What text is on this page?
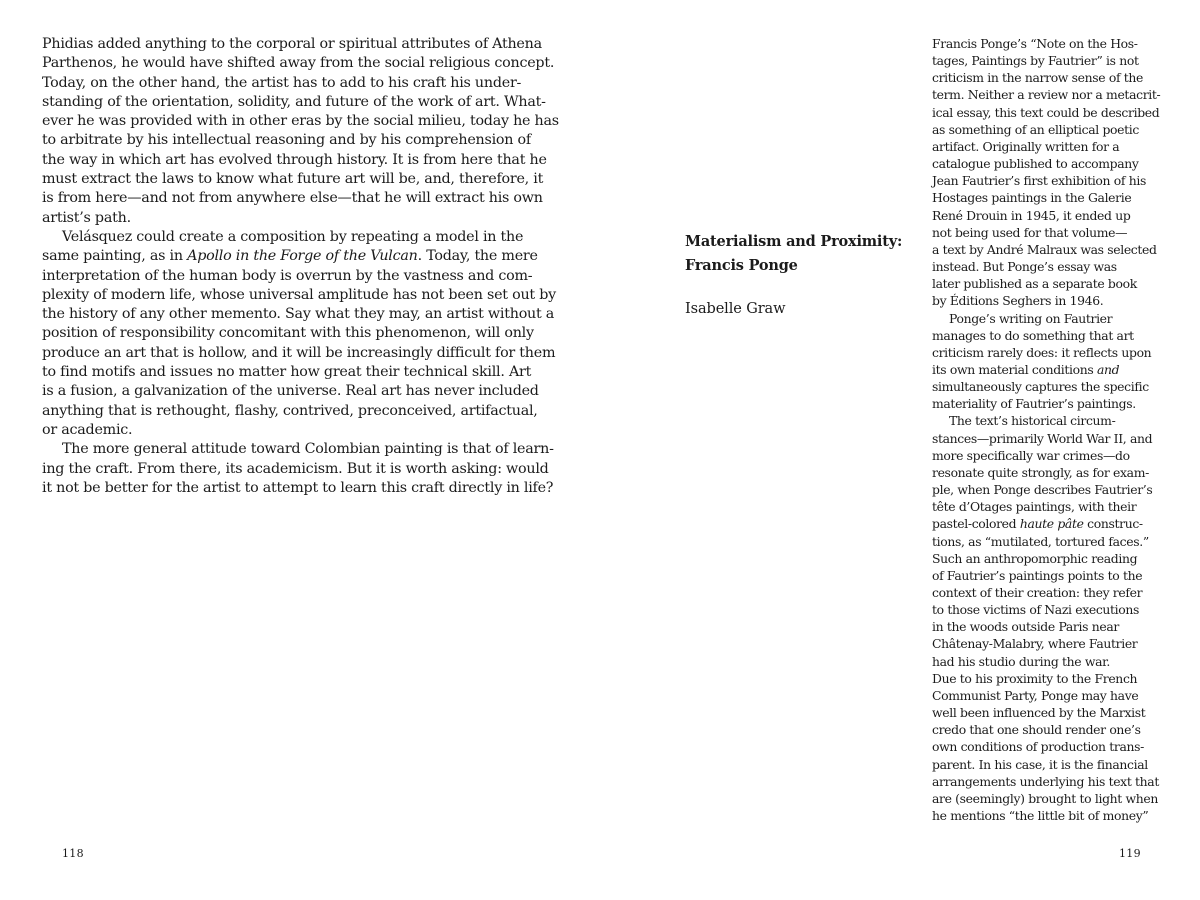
Phidias added anything to the corporal or spiritual attributes of Athena
Parthenos, he would have shifted away from the social religious concept.
Today, on the other hand, the artist has to add to his craft his under-
standing of the orientation, solidity, and future of the work of art. What-
ever he was provided with in other eras by the social milieu, today he has
to arbitrate by his intellectual reasoning and by his comprehension of
the way in which art has evolved through history. It is from here that he
must extract the laws to know what future art will be, and, therefore, it
is from here—and not from anywhere else—that he will extract his own
artist’s path.
Velásquez could create a composition by repeating a model in the
same painting, as in Apollo in the Forge of the Vulcan. Today, the mere
interpretation of the human body is overrun by the vastness and com-
plexity of modern life, whose universal amplitude has not been set out by
the history of any other memento. Say what they may, an artist without a
position of responsibility concomitant with this phenomenon, will only
produce an art that is hollow, and it will be increasingly difficult for them
to find motifs and issues no matter how great their technical skill. Art
is a fusion, a galvanization of the universe. Real art has never included
anything that is rethought, flashy, contrived, preconceived, artifactual,
or academic.
The more general attitude toward Colombian painting is that of learn-
ing the craft. From there, its academicism. But it is worth asking: would
it not be better for the artist to attempt to learn this craft directly in life?
118
Materialism and Proximity:
Francis Ponge
Isabelle Graw
Francis Ponge’s “Note on the Hos-
tages, Paintings by Fautrier” is not
criticism in the narrow sense of the
term. Neither a review nor a metacrit-
ical essay, this text could be described
as something of an elliptical poetic
artifact. Originally written for a
catalogue published to accompany
Jean Fautrier’s first exhibition of his
Hostages paintings in the Galerie
René Drouin in 1945, it ended up
not being used for that volume—
a text by André Malraux was selected
instead. But Ponge’s essay was
later published as a separate book
by Éditions Seghers in 1946.
Ponge’s writing on Fautrier
manages to do something that art
criticism rarely does: it reflects upon
its own material conditions and
simultaneously captures the specific
materiality of Fautrier’s paintings.
The text’s historical circum-
stances—primarily World War II, and
more specifically war crimes—do
resonate quite strongly, as for exam-
ple, when Ponge describes Fautrier’s
tête d’Otages paintings, with their
pastel-colored haute pâte construc-
tions, as “mutilated, tortured faces.”
Such an anthropomorphic reading
of Fautrier’s paintings points to the
context of their creation: they refer
to those victims of Nazi executions
in the woods outside Paris near
Châtenay-Malabry, where Fautrier
had his studio during the war.
Due to his proximity to the French
Communist Party, Ponge may have
well been influenced by the Marxist
credo that one should render one’s
own conditions of production trans-
parent. In his case, it is the financial
arrangements underlying his text that
are (seemingly) brought to light when
he mentions “the little bit of money”
119
